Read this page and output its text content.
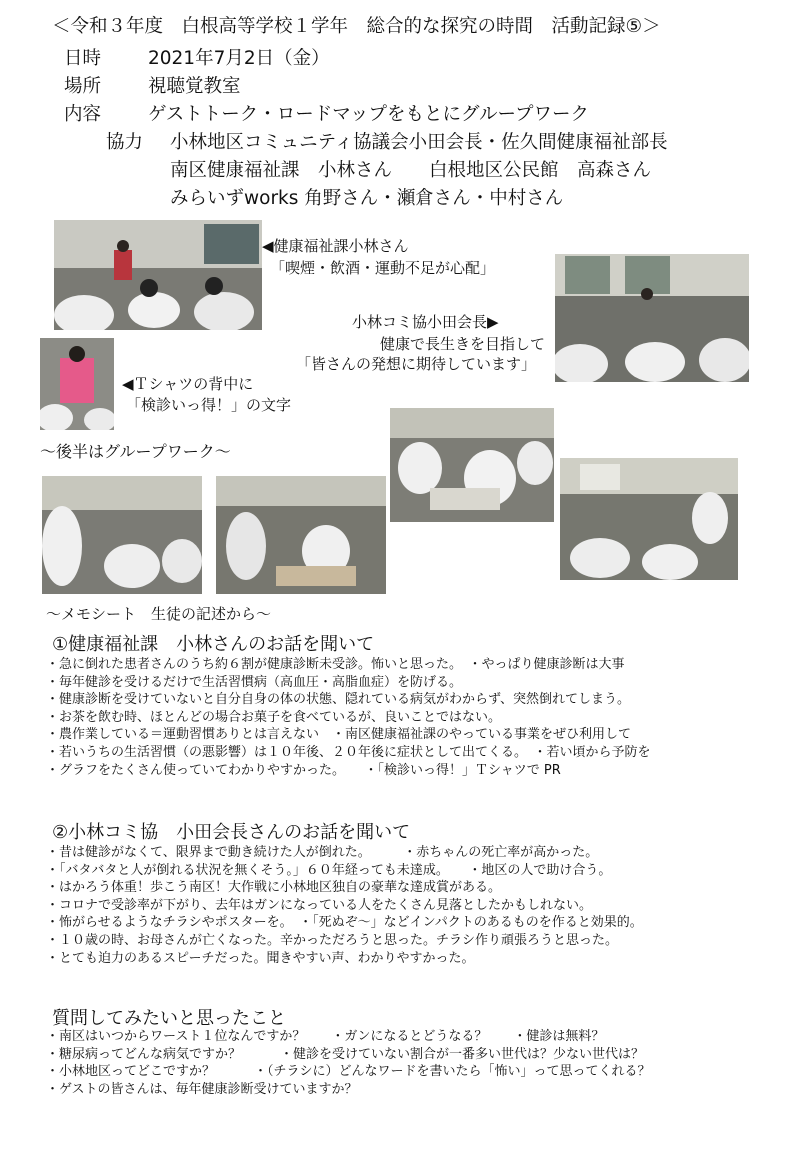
＜令和３年度　白根高等学校１学年　総合的な探究の時間　活動記録⑤＞
日時	2021年7月2日（金）
場所	視聴覚教室
内容	ゲストトーク・ロードマップをもとにグループワーク
協力 小林地区コミュニティ協議会小田会長・佐久間健康福祉部長
南区健康福祉課　小林さん　　白根地区公民館　高森さん
みらいずworks 角野さん・瀬倉さん・中村さん
◀健康福祉課小林さん
「喫煙・飲酒・運動不足が心配」
小林コミ協小田会長▶
健康で長生きを目指して
「皆さんの発想に期待しています」
◀Ｔシャツの背中に
「検診いっ得！」の文字
～後半はグループワーク～
～メモシート　生徒の記述から～
①健康福祉課　小林さんのお話を聞いて
・急に倒れた患者さんのうち約６割が健康診断未受診。怖いと思った。　・やっぱり健康診断は大事
・毎年健診を受けるだけで生活習慣病（高血圧・高脂血症）を防げる。
・健康診断を受けていないと自分自身の体の状態、隠れている病気がわからず、突然倒れてしまう。
・お茶を飲む時、ほとんどの場合お菓子を食べているが、良いことではない。
・農作業している＝運動習慣ありとは言えない　・南区健康福祉課のやっている事業をぜひ利用して
・若いうちの生活習慣（の悪影響）は１０年後、２０年後に症状として出てくる。　・若い頃から予防を
・グラフをたくさん使っていてわかりやすかった。　　・「検診いっ得！」Ｔシャツで PR
②小林コミ協　小田会長さんのお話を聞いて
・昔は健診がなくて、限界まで動き続けた人が倒れた。　　　・赤ちゃんの死亡率が高かった。
・「バタバタと人が倒れる状況を無くそう。」６０年経っても未達成。　　・地区の人で助け合う。
・はかろう体重！歩こう南区！大作戦に小林地区独自の豪華な達成賞がある。
・コロナで受診率が下がり、去年はガンになっている人をたくさん見落としたかもしれない。
・怖がらせるようなチラシやポスターを。　・「死ぬぞ～」などインパクトのあるものを作ると効果的。
・１０歳の時、お母さんが亡くなった。辛かっただろうと思った。チラシ作り頑張ろうと思った。
・とても迫力のあるスピーチだった。聞きやすい声、わかりやすかった。
質問してみたいと思ったこと
・南区はいつからワースト１位なんですか？　　・ガンになるとどうなる？　　・健診は無料？
・糖尿病ってどんな病気ですか？　　　・健診を受けていない割合が一番多い世代は？少ない世代は？
・小林地区ってどこですか？　　　・（チラシに）どんなワードを書いたら「怖い」って思ってくれる？
・ゲストの皆さんは、毎年健康診断受けていますか？
